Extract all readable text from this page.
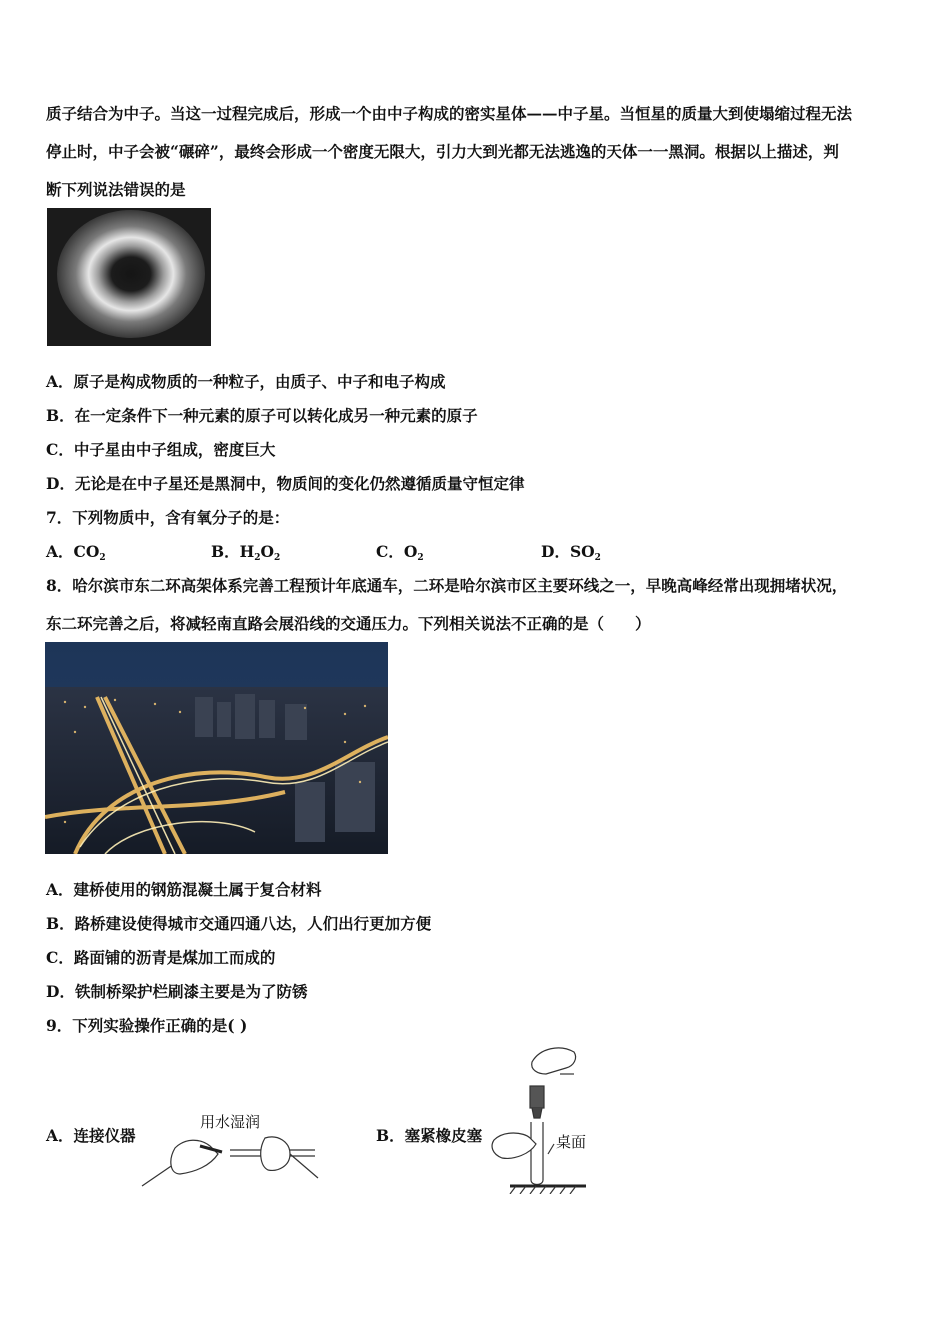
质子结合为中子。当这一过程完成后，形成一个由中子构成的密实星体——中子星。当恒星的质量大到使塌缩过程无法
停止时，中子会被“碾碎”，最终会形成一个密度无限大，引力大到光都无法逃逸的天体一一黑洞。根据以上描述，判
断下列说法错误的是
A．原子是构成物质的一种粒子，由质子、中子和电子构成
B．在一定条件下一种元素的原子可以转化成另一种元素的原子
C．中子星由中子组成，密度巨大
D．无论是在中子星还是黑洞中，物质间的变化仍然遵循质量守恒定律
7．下列物质中，含有氧分子的是：
A．$CO_2$	B．$H_2O_2$	C．$O_2$	D．$SO_2$
8．哈尔滨市东二环高架体系完善工程预计年底通车，二环是哈尔滨市区主要环线之一，早晚高峰经常出现拥堵状况，
东二环完善之后，将减轻南直路会展沿线的交通压力。下列相关说法不正确的是（　　）
A．建桥使用的钢筋混凝土属于复合材料
B．路桥建设使得城市交通四通八达，人们出行更加方便
C．路面铺的沥青是煤加工而成的
D．铁制桥梁护栏刷漆主要是为了防锈
9．下列实验操作正确的是( )
A．连接仪器
用水湿润
B．塞紧橡皮塞	桌面
